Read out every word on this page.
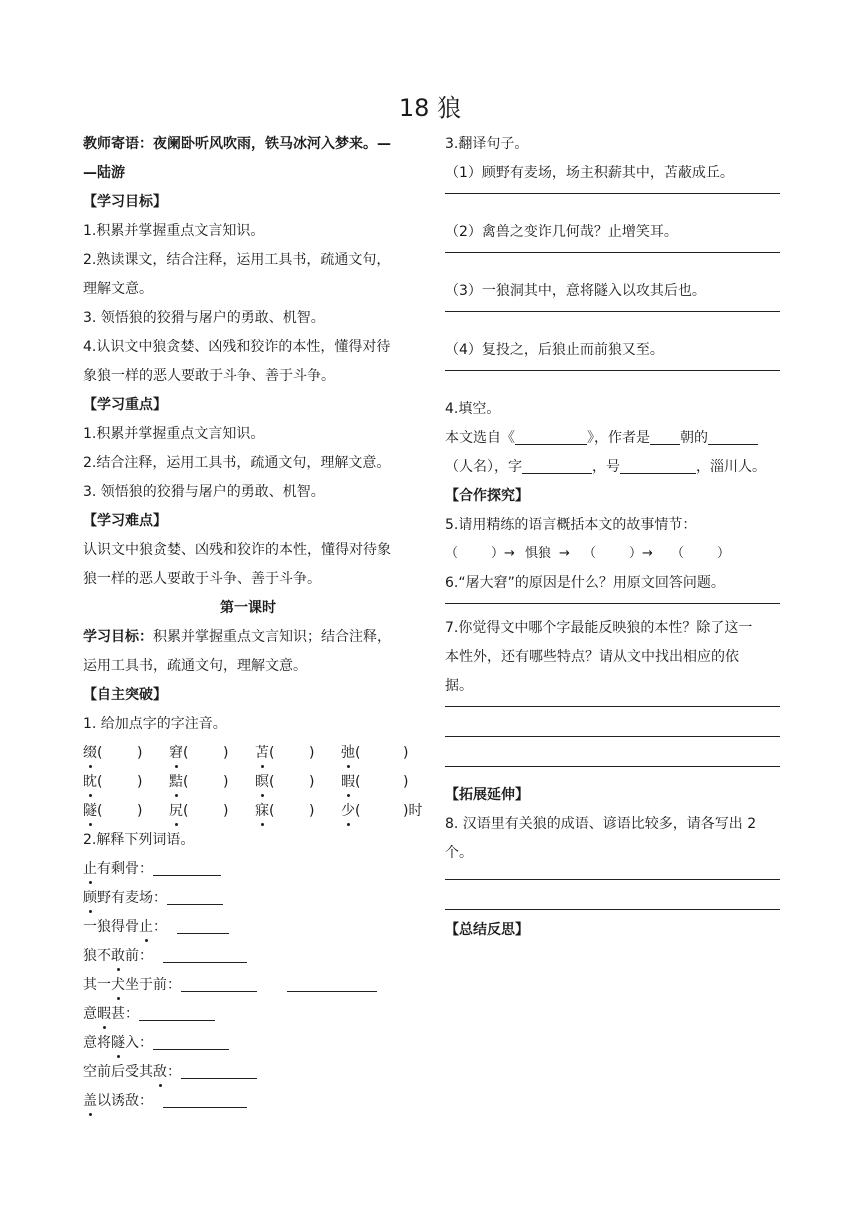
18 狼
教师寄语：夜阑卧听风吹雨，铁马冰河入梦来。—
—陆游
【学习目标】
1.积累并掌握重点文言知识。
2.熟读课文，结合注释，运用工具书，疏通文句，
理解文意。
3. 领悟狼的狡猾与屠户的勇敢、机智。
4.认识文中狼贪婪、凶残和狡诈的本性，懂得对待
象狼一样的恶人要敢于斗争、善于斗争。
【学习重点】
1.积累并掌握重点文言知识。
2.结合注释，运用工具书，疏通文句，理解文意。
3. 领悟狼的狡猾与屠户的勇敢、机智。
【学习难点】
认识文中狼贪婪、凶残和狡诈的本性，懂得对待象
狼一样的恶人要敢于斗争、善于斗争。
第一课时
学习目标：积累并掌握重点文言知识；结合注释，
运用工具书，疏通文句，理解文意。
【自主突破】
1. 给加点字的字注音。
缀( ) 窘( ) 苫( ) 弛(	)
眈( ) 黠( ) 瞑( ) 暇(	)
隧( ) 尻( ) 寐( ) 少(	)时
2.解释下列词语。
止有剩骨：
顾野有麦场：
一狼得骨止：
狼不敢前：
其一犬坐于前：
意暇甚：
意将隧入：
空前后受其敌：
盖以诱敌：
3.翻译句子。
（1）顾野有麦场，场主积薪其中，苫蔽成丘。
（2）禽兽之变诈几何哉？止增笑耳。
（3）一狼洞其中，意将隧入以攻其后也。
（4）复投之，后狼止而前狼又至。
4.填空。
本文选自《	》，作者是 朝的
（人名），字	，号	，淄川人。
【合作探究】
5.请用精练的语言概括本文的故事情节：
（	）→ 惧狼 → （	）→ （	）
6.“屠大窘”的原因是什么？用原文回答问题。
7.你觉得文中哪个字最能反映狼的本性？除了这一
本性外，还有哪些特点？请从文中找出相应的依
据。
【拓展延伸】
8. 汉语里有关狼的成语、谚语比较多，请各写出 2
个。
【总结反思】
